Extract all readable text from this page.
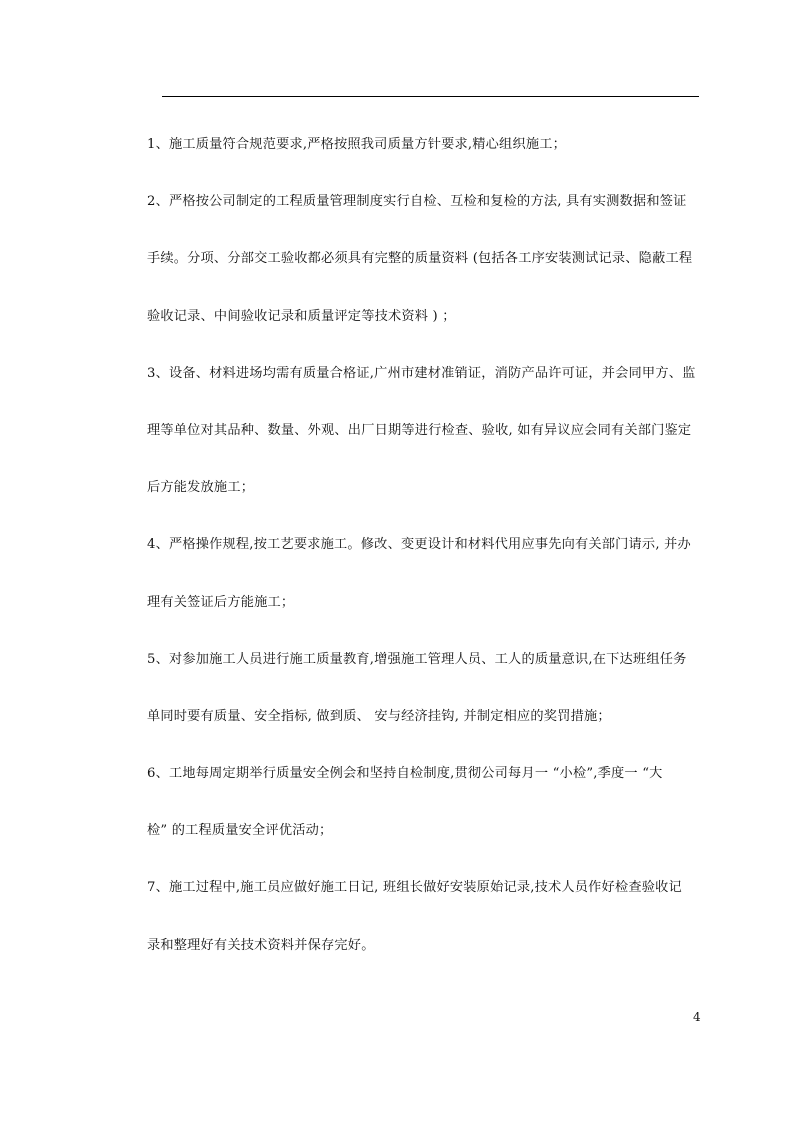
1、施工质量符合规范要求,严格按照我司质量方针要求,精心组织施工；
2、严格按公司制定的工程质量管理制度实行自检、互检和复检的方法, 具有实测数据和签证
手续。分项、分部交工验收都必须具有完整的质量资料 (包括各工序安装测试记录、隐蔽工程
验收记录、中间验收记录和质量评定等技术资料 ) ；
3、设备、材料进场均需有质量合格证,广州市建材准销证，消防产品许可证，并会同甲方、监
理等单位对其品种、数量、外观、出厂日期等进行检查、验收, 如有异议应会同有关部门鉴定
后方能发放施工；
4、严格操作规程,按工艺要求施工。修改、变更设计和材料代用应事先向有关部门请示, 并办
理有关签证后方能施工；
5、对参加施工人员进行施工质量教育,增强施工管理人员、工人的质量意识,在下达班组任务
单同时要有质量、安全指标, 做到质、 安与经济挂钩, 并制定相应的奖罚措施；
6、工地每周定期举行质量安全例会和坚持自检制度,贯彻公司每月一 “小检”,季度一 “大
检” 的工程质量安全评优活动；
7、施工过程中,施工员应做好施工日记, 班组长做好安装原始记录,技术人员作好检查验收记
录和整理好有关技术资料并保存完好。
4
